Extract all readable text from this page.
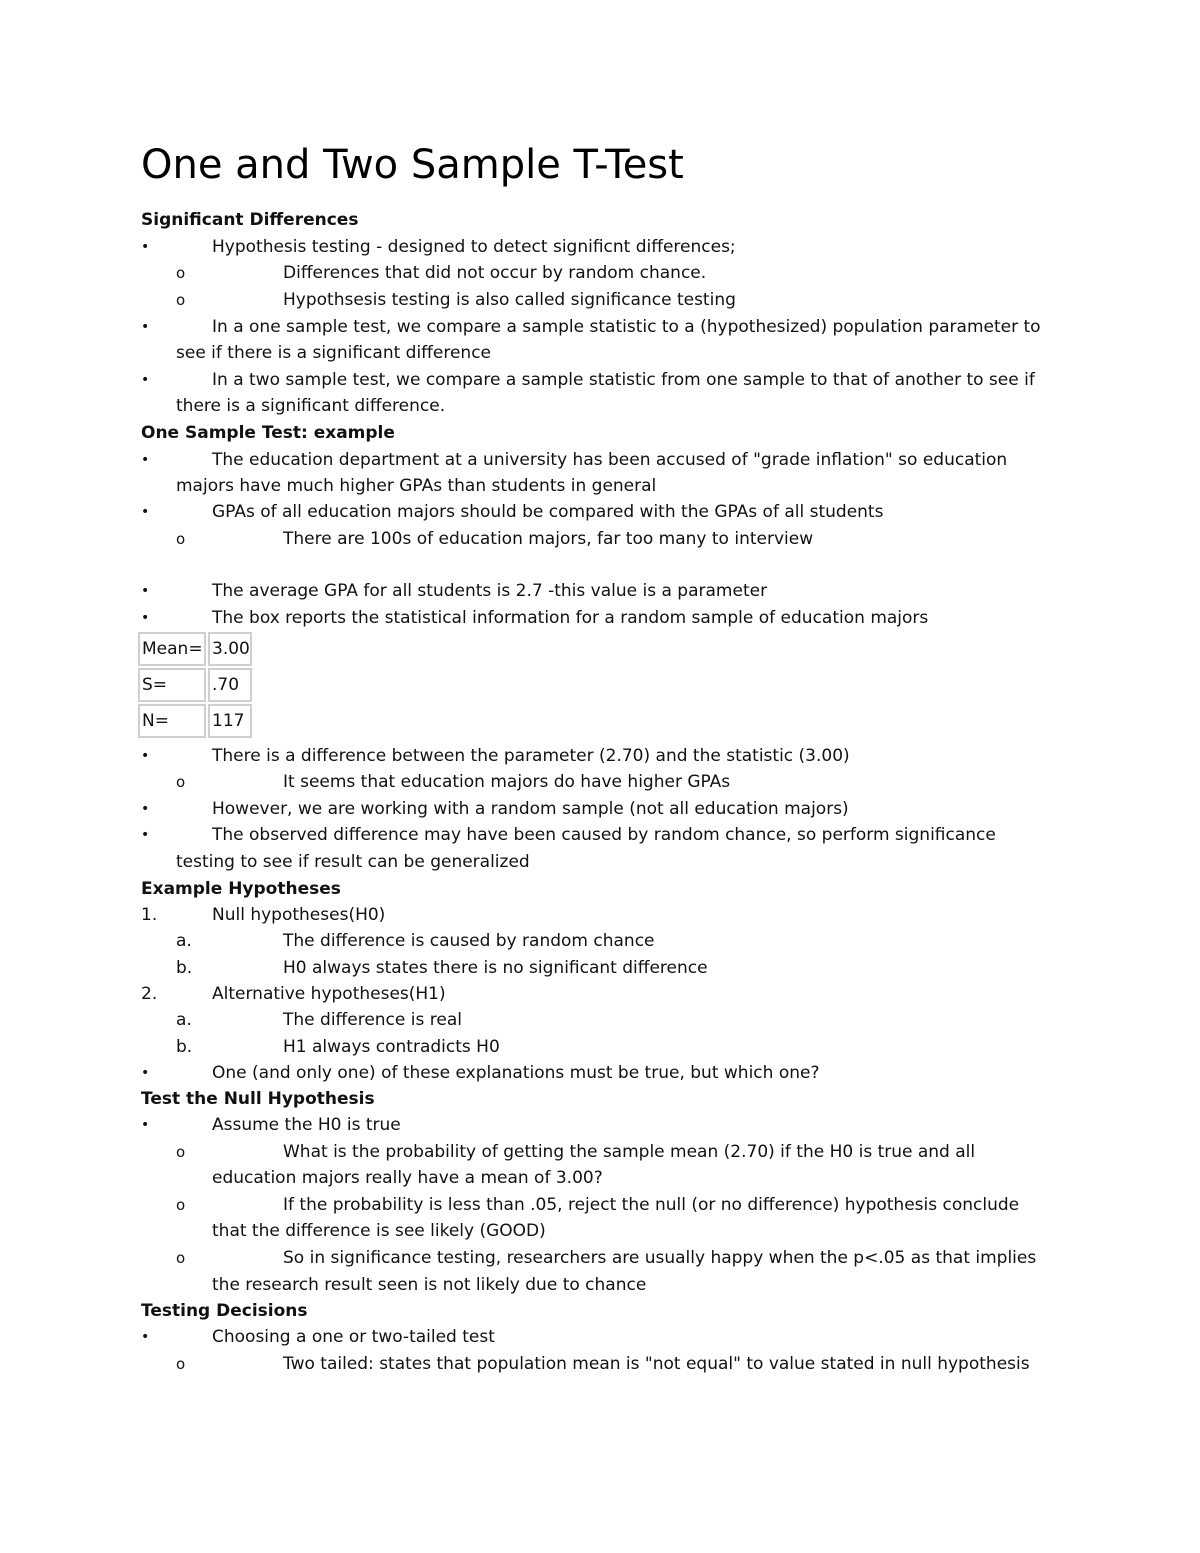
One and Two Sample T-Test
Significant Differences
•	Hypothesis testing - designed to detect signiﬁcnt differences;
o	Differences that did not occur by random chance.
o	Hypothsesis testing is also called signiﬁcance testing
•	In a one sample test, we compare a sample statistic to a (hypothesized) population parameter to
see if there is a signiﬁcant difference
•	In a two sample test, we compare a sample statistic from one sample to that of another to see if
there is a signiﬁcant difference.
One Sample Test: example
•	The education department at a university has been accused of "grade inﬂation" so education
majors have much higher GPAs than students in general
•	GPAs of all education majors should be compared with the GPAs of all students
o	There are 100s of education majors, far too many to interview
•	The average GPA for all students is 2.7 -this value is a parameter
•	The box reports the statistical information for a random sample of education majors
Mean=	3.00
S=	.70
N=	117
•	There is a difference between the parameter (2.70) and the statistic (3.00)
o	It seems that education majors do have higher GPAs
•	However, we are working with a random sample (not all education majors)
•	The observed difference may have been caused by random chance, so perform signiﬁcance
testing to see if result can be generalized
Example Hypotheses
1.	Null hypotheses(H0)
a.	The difference is caused by random chance
b.	H0 always states there is no signiﬁcant difference
2.	Alternative hypotheses(H1)
a.	The difference is real
b.	H1 always contradicts H0
•	One (and only one) of these explanations must be true, but which one?
Test the Null Hypothesis
•	Assume the H0 is true
o	What is the probability of getting the sample mean (2.70) if the H0 is true and all
education majors really have a mean of 3.00?
o	If the probability is less than .05, reject the null (or no difference) hypothesis conclude
that the difference is see likely (GOOD)
o	So in signiﬁcance testing, researchers are usually happy when the p<.05 as that implies
the research result seen is not likely due to chance
Testing Decisions
•	Choosing a one or two-tailed test
o	Two tailed: states that population mean is "not equal" to value stated in null hypothesis
